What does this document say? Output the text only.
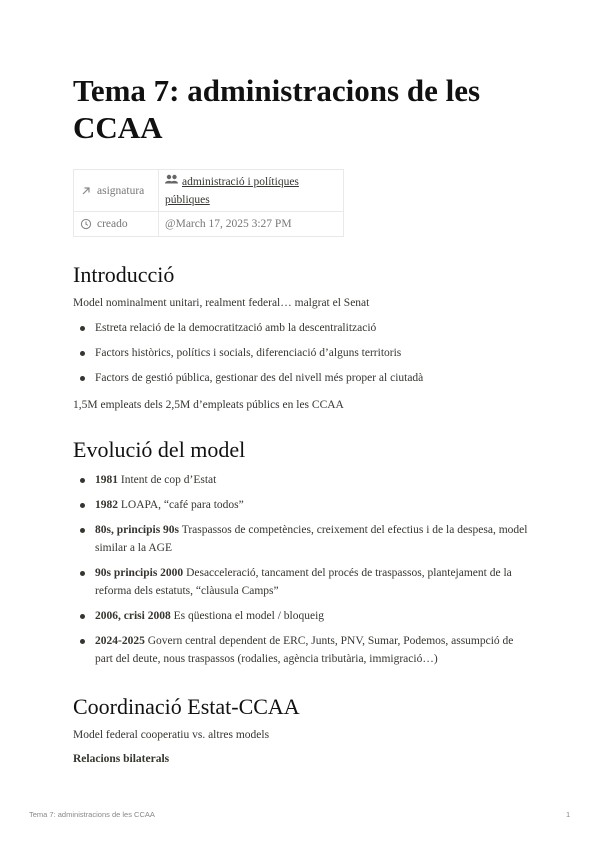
Tema 7: administracions de les CCAA
asignatura	administració i polítiques públiques

creado	@March 17, 2025 3:27 PM
Introducció

Model nominalment unitari, realment federal… malgrat el Senat

Estreta relació de la democratització amb la descentralització
Factors històrics, polítics i socials, diferenciació d’alguns territoris
Factors de gestió pública, gestionar des del nivell més proper al ciutadà

1,5M empleats dels 2,5M d’empleats públics en les CCAA

Evolució del model
1981 Intent de cop d’Estat
1982 LOAPA, “café para todos”
80s, principis 90s Traspassos de competències, creixement del efectius i de la despesa, model similar a la AGE
90s principis 2000 Desacceleració, tancament del procés de traspassos, plantejament de la reforma dels estatuts, “clàusula Camps”
2006, crisi 2008 Es qüestiona el model / bloqueig
2024-2025 Govern central dependent de ERC, Junts, PNV, Sumar, Podemos, assumpció de part del deute, nous traspassos (rodalies, agència tributària, immigració…)
Coordinació Estat-CCAA

Model federal cooperatiu vs. altres models

Relacions bilaterals

Tema 7: administracions de les CCAA	1
